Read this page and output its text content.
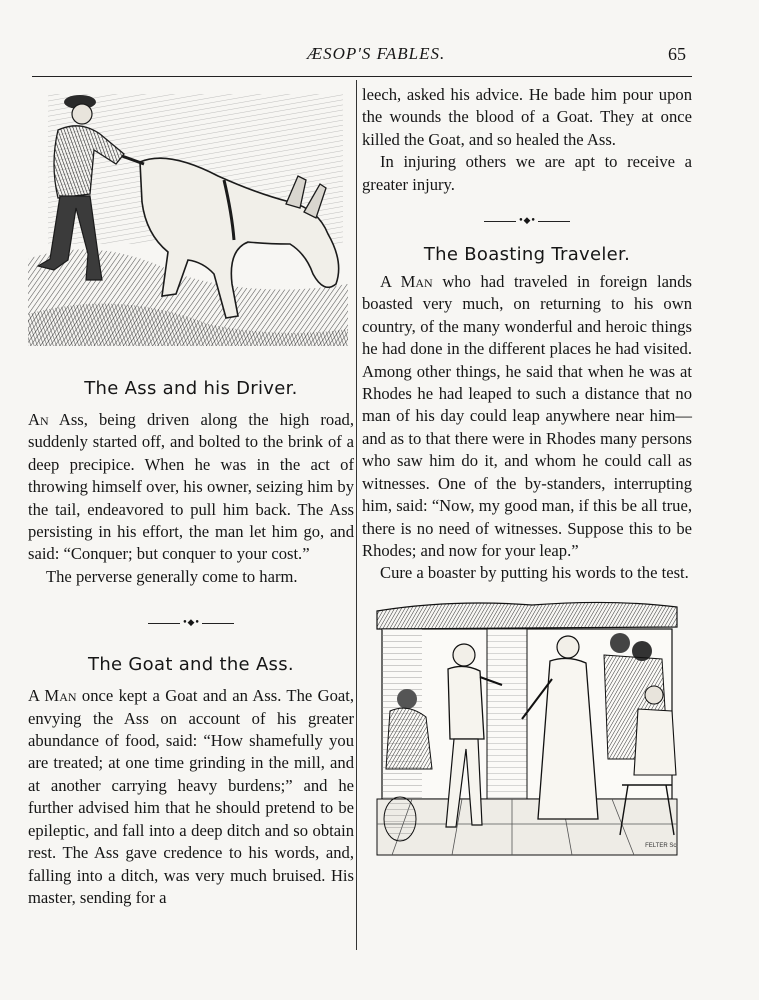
ÆSOP'S FABLES.	65

The Ass and his Driver.

An Ass, being driven along the high road, suddenly started off, and bolted to the brink of a deep precipice. When he was in the act of throwing himself over, his owner, seizing him by the tail, endeavored to pull him back. The Ass persisting in his effort, the man let him go, and said: “Conquer; but conquer to your cost.”

The perverse generally come to harm.

•◆•

The Goat and the Ass.

A Man once kept a Goat and an Ass. The Goat, envying the Ass on account of his greater abundance of food, said: “How shamefully you are treated; at one time grinding in the mill, and at another carrying heavy burdens;” and he further advised him that he should pretend to be epileptic, and fall into a deep ditch and so obtain rest. The Ass gave credence to his words, and, falling into a ditch, was very much bruised. His master, sending for a

leech, asked his advice. He bade him pour upon the wounds the blood of a Goat. They at once killed the Goat, and so healed the Ass.

In injuring others we are apt to receive a greater injury.

•◆•

The Boasting Traveler.

A Man who had traveled in foreign lands boasted very much, on returning to his own country, of the many wonderful and heroic things he had done in the different places he had visited. Among other things, he said that when he was at Rhodes he had leaped to such a distance that no man of his day could leap anywhere near him—and as to that there were in Rhodes many persons who saw him do it, and whom he could call as witnesses. One of the by-standers, interrupting him, said: “Now, my good man, if this be all true, there is no need of witnesses. Suppose this to be Rhodes; and now for your leap.”

Cure a boaster by putting his words to the test.

FELTER Sc.
